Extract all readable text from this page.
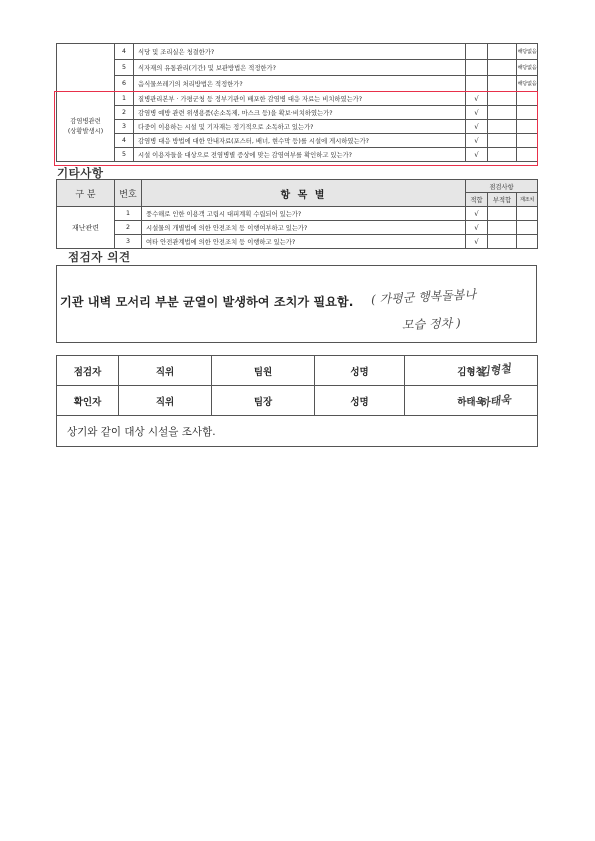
	4	식당 및 조리실은 청결한가?			해당없음
	5	식자재의 유통관리(기간) 및 보관방법은 적정한가?			해당없음
	6	음식물쓰레기의 처리방법은 적정한가?			해당없음

감염병관련
(상황발생시)	1	질병관리본부 · 가평군청 등 정부기관이 배포한 감염병 대응 자료는 비치하였는가?	√		
	2	감염병 예방 관련 위생용품(손소독제, 마스크 등)을 확보·비치하였는가?	√		
	3	다중이 이용하는 시설 및 기자재는 정기적으로 소독하고 있는가?	√		
	4	감염병 대응 방법에 대한 안내자료(포스터, 배너, 현수막 등)를 시설에 게시하였는가?	√		
	5	시설 이용자들을 대상으로 전염병별 증상에 맞는 감염여부를 확인하고 있는가?	√		
기타사항
구 분	번호	항 목 별	점검사항		
			적합	부적합	재조치
재난관련	1	풍수해로 인한 이용객 고립시 대피계획 수립되어 있는가?	√		
	2	시설물의 개별법에 의한 안전조치 등 이행여부하고 있는가?	√		
	3	여타 안전관계법에 의한 안전조치 등 이행하고 있는가?	√		
점검자 의견
기관 내벽 모서리 부분 균열이 발생하여 조치가 필요함. ( 가평군 행복돌봄나
모습 정차 )
점검자	직위	팀원	성명	김형철
김형철

확인자	직위	팀장	성명	하태욱
하태욱

상기와 같이 대상 시설을 조사함.				
